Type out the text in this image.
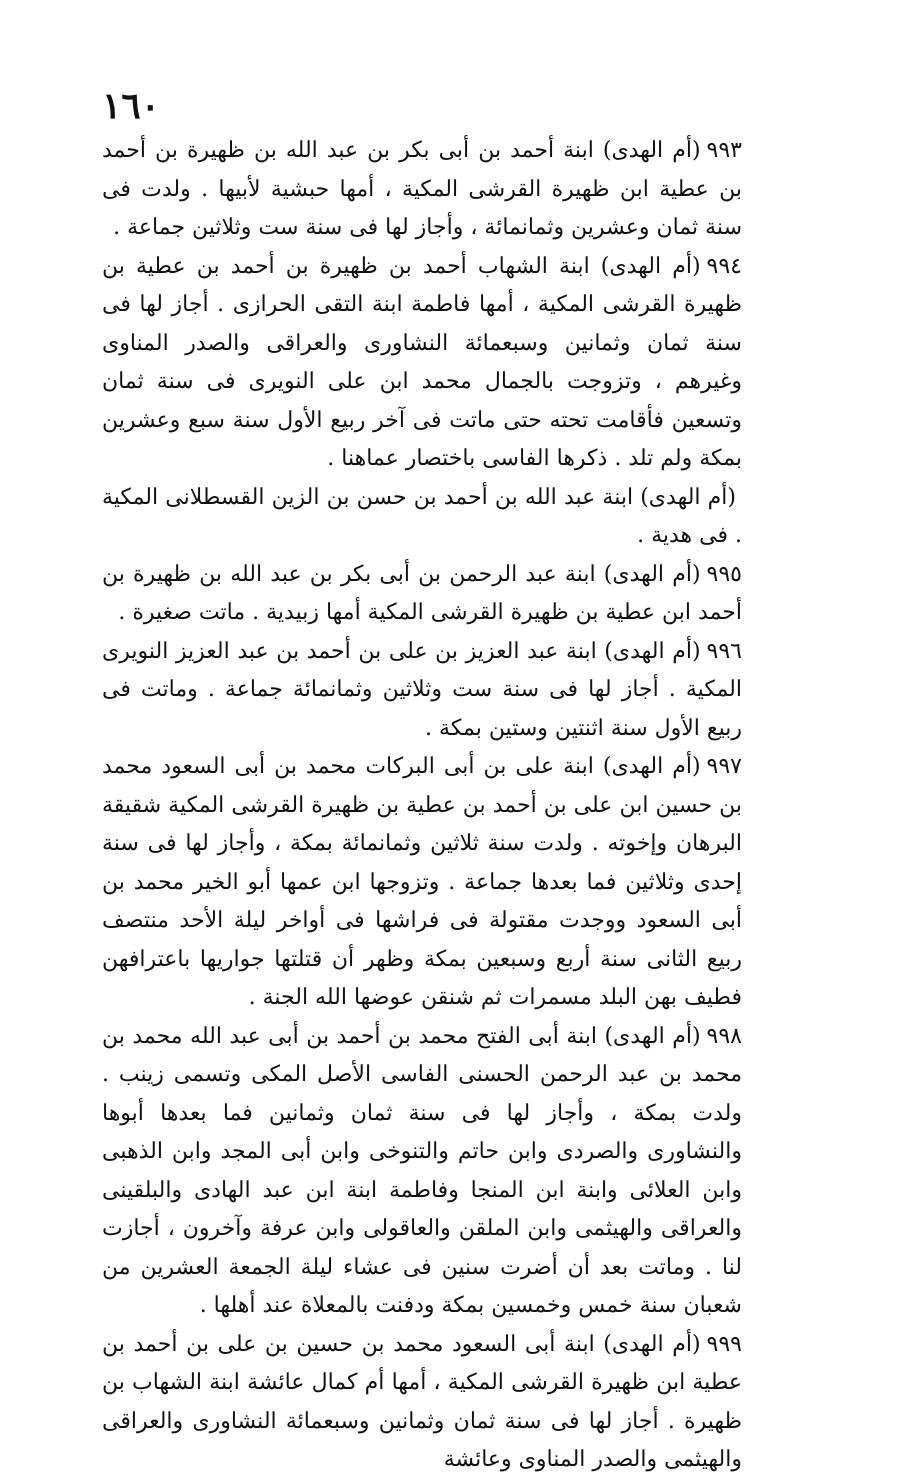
١٦٠

٩٩٣(أم الهدى) ابنة أحمد بن أبى بكر بن عبد الله بن ظهيرة بن أحمد بن عطية ابن ظهيرة القرشى المكية ، أمها حبشية لأبيها . ولدت فى سنة ثمان وعشرين وثمانمائة ، وأجاز لها فى سنة ست وثلاثين جماعة .

٩٩٤(أم الهدى) ابنة الشهاب أحمد بن ظهيرة بن أحمد بن عطية بن ظهيرة القرشى المكية ، أمها فاطمة ابنة التقى الحرازى . أجاز لها فى سنة ثمان وثمانين وسبعمائة النشاورى والعراقى والصدر المناوى وغيرهم ، وتزوجت بالجمال محمد ابن على النويرى فى سنة ثمان وتسعين فأقامت تحته حتى ماتت فى آخر ربيع الأول سنة سبع وعشرين بمكة ولم تلد . ذكرها الفاسى باختصار عماهنا .

(أم الهدى) ابنة عبد الله بن أحمد بن حسن بن الزين القسطلانى المكية . فى هدية .

٩٩٥(أم الهدى) ابنة عبد الرحمن بن أبى بكر بن عبد الله بن ظهيرة بن أحمد ابن عطية بن ظهيرة القرشى المكية أمها زبيدية . ماتت صغيرة .

٩٩٦(أم الهدى) ابنة عبد العزيز بن على بن أحمد بن عبد العزيز النويرى المكية . أجاز لها فى سنة ست وثلاثين وثمانمائة جماعة . وماتت فى ربيع الأول سنة اثنتين وستين بمكة .

٩٩٧(أم الهدى) ابنة على بن أبى البركات محمد بن أبى السعود محمد بن حسين ابن على بن أحمد بن عطية بن ظهيرة القرشى المكية شقيقة البرهان وإخوته . ولدت سنة ثلاثين وثمانمائة بمكة ، وأجاز لها فى سنة إحدى وثلاثين فما بعدها جماعة . وتزوجها ابن عمها أبو الخير محمد بن أبى السعود ووجدت مقتولة فى فراشها فى أواخر ليلة الأحد منتصف ربيع الثانى سنة أربع وسبعين بمكة وظهر أن قتلتها جواريها باعترافهن فطيف بهن البلد مسمرات ثم شنقن عوضها الله الجنة .

٩٩٨(أم الهدى) ابنة أبى الفتح محمد بن أحمد بن أبى عبد الله محمد بن محمد بن عبد الرحمن الحسنى الفاسى الأصل المكى وتسمى زينب . ولدت بمكة ، وأجاز لها فى سنة ثمان وثمانين فما بعدها أبوها والنشاورى والصردى وابن حاتم والتنوخى وابن أبى المجد وابن الذهبى وابن العلائى وابنة ابن المنجا وفاطمة ابنة ابن عبد الهادى والبلقينى والعراقى والهيثمى وابن الملقن والعاقولى وابن عرفة وآخرون ، أجازت لنا . وماتت بعد أن أضرت سنين فى عشاء ليلة الجمعة العشرين من شعبان سنة خمس وخمسين بمكة ودفنت بالمعلاة عند أهلها .

٩٩٩(أم الهدى) ابنة أبى السعود محمد بن حسين بن على بن أحمد بن عطية ابن ظهيرة القرشى المكية ، أمها أم كمال عائشة ابنة الشهاب بن ظهيرة . أجاز لها فى سنة ثمان وثمانين وسبعمائة النشاورى والعراقى والهيثمى والصدر المناوى وعائشة
